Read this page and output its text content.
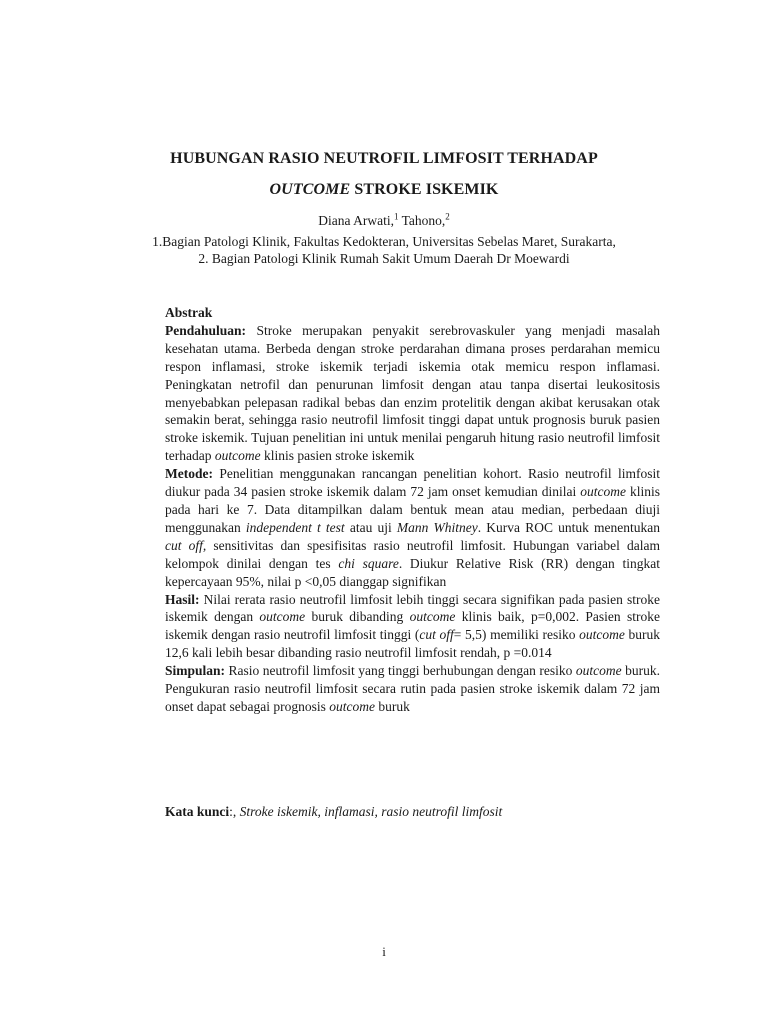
HUBUNGAN RASIO NEUTROFIL LIMFOSIT TERHADAP
OUTCOME STROKE ISKEMIK
Diana Arwati,$^1$ Tahono,$^2$
1.Bagian Patologi Klinik, Fakultas Kedokteran, Universitas Sebelas Maret, Surakarta,
2. Bagian Patologi Klinik Rumah Sakit Umum Daerah Dr Moewardi
Abstrak

Pendahuluan: Stroke merupakan penyakit serebrovaskuler yang menjadi masalah kesehatan utama. Berbeda dengan stroke perdarahan dimana proses perdarahan memicu respon inflamasi, stroke iskemik terjadi iskemia otak memicu respon inflamasi. Peningkatan netrofil dan penurunan limfosit dengan atau tanpa disertai leukositosis menyebabkan pelepasan radikal bebas dan enzim protelitik dengan akibat kerusakan otak semakin berat, sehingga rasio neutrofil limfosit tinggi dapat untuk prognosis buruk pasien stroke iskemik. Tujuan penelitian ini untuk menilai pengaruh hitung rasio neutrofil limfosit terhadap outcome klinis pasien stroke iskemik

Metode: Penelitian menggunakan rancangan penelitian kohort. Rasio neutrofil limfosit diukur pada 34 pasien stroke iskemik dalam 72 jam onset kemudian dinilai outcome klinis pada hari ke 7. Data ditampilkan dalam bentuk mean atau median, perbedaan diuji menggunakan independent t test atau uji Mann Whitney. Kurva ROC untuk menentukan cut off, sensitivitas dan spesifisitas rasio neutrofil limfosit. Hubungan variabel dalam kelompok dinilai dengan tes chi square. Diukur Relative Risk (RR) dengan tingkat kepercayaan 95%, nilai p <0,05 dianggap signifikan

Hasil: Nilai rerata rasio neutrofil limfosit lebih tinggi secara signifikan pada pasien stroke iskemik dengan outcome buruk dibanding outcome klinis baik, p=0,002. Pasien stroke iskemik dengan rasio neutrofil limfosit tinggi (cut off= 5,5) memiliki resiko outcome buruk 12,6 kali lebih besar dibanding rasio neutrofil limfosit rendah, p =0.014

Simpulan: Rasio neutrofil limfosit yang tinggi berhubungan dengan resiko outcome buruk. Pengukuran rasio neutrofil limfosit secara rutin pada pasien stroke iskemik dalam 72 jam onset dapat sebagai prognosis outcome buruk

Kata kunci:, Stroke iskemik, inflamasi, rasio neutrofil limfosit
i
